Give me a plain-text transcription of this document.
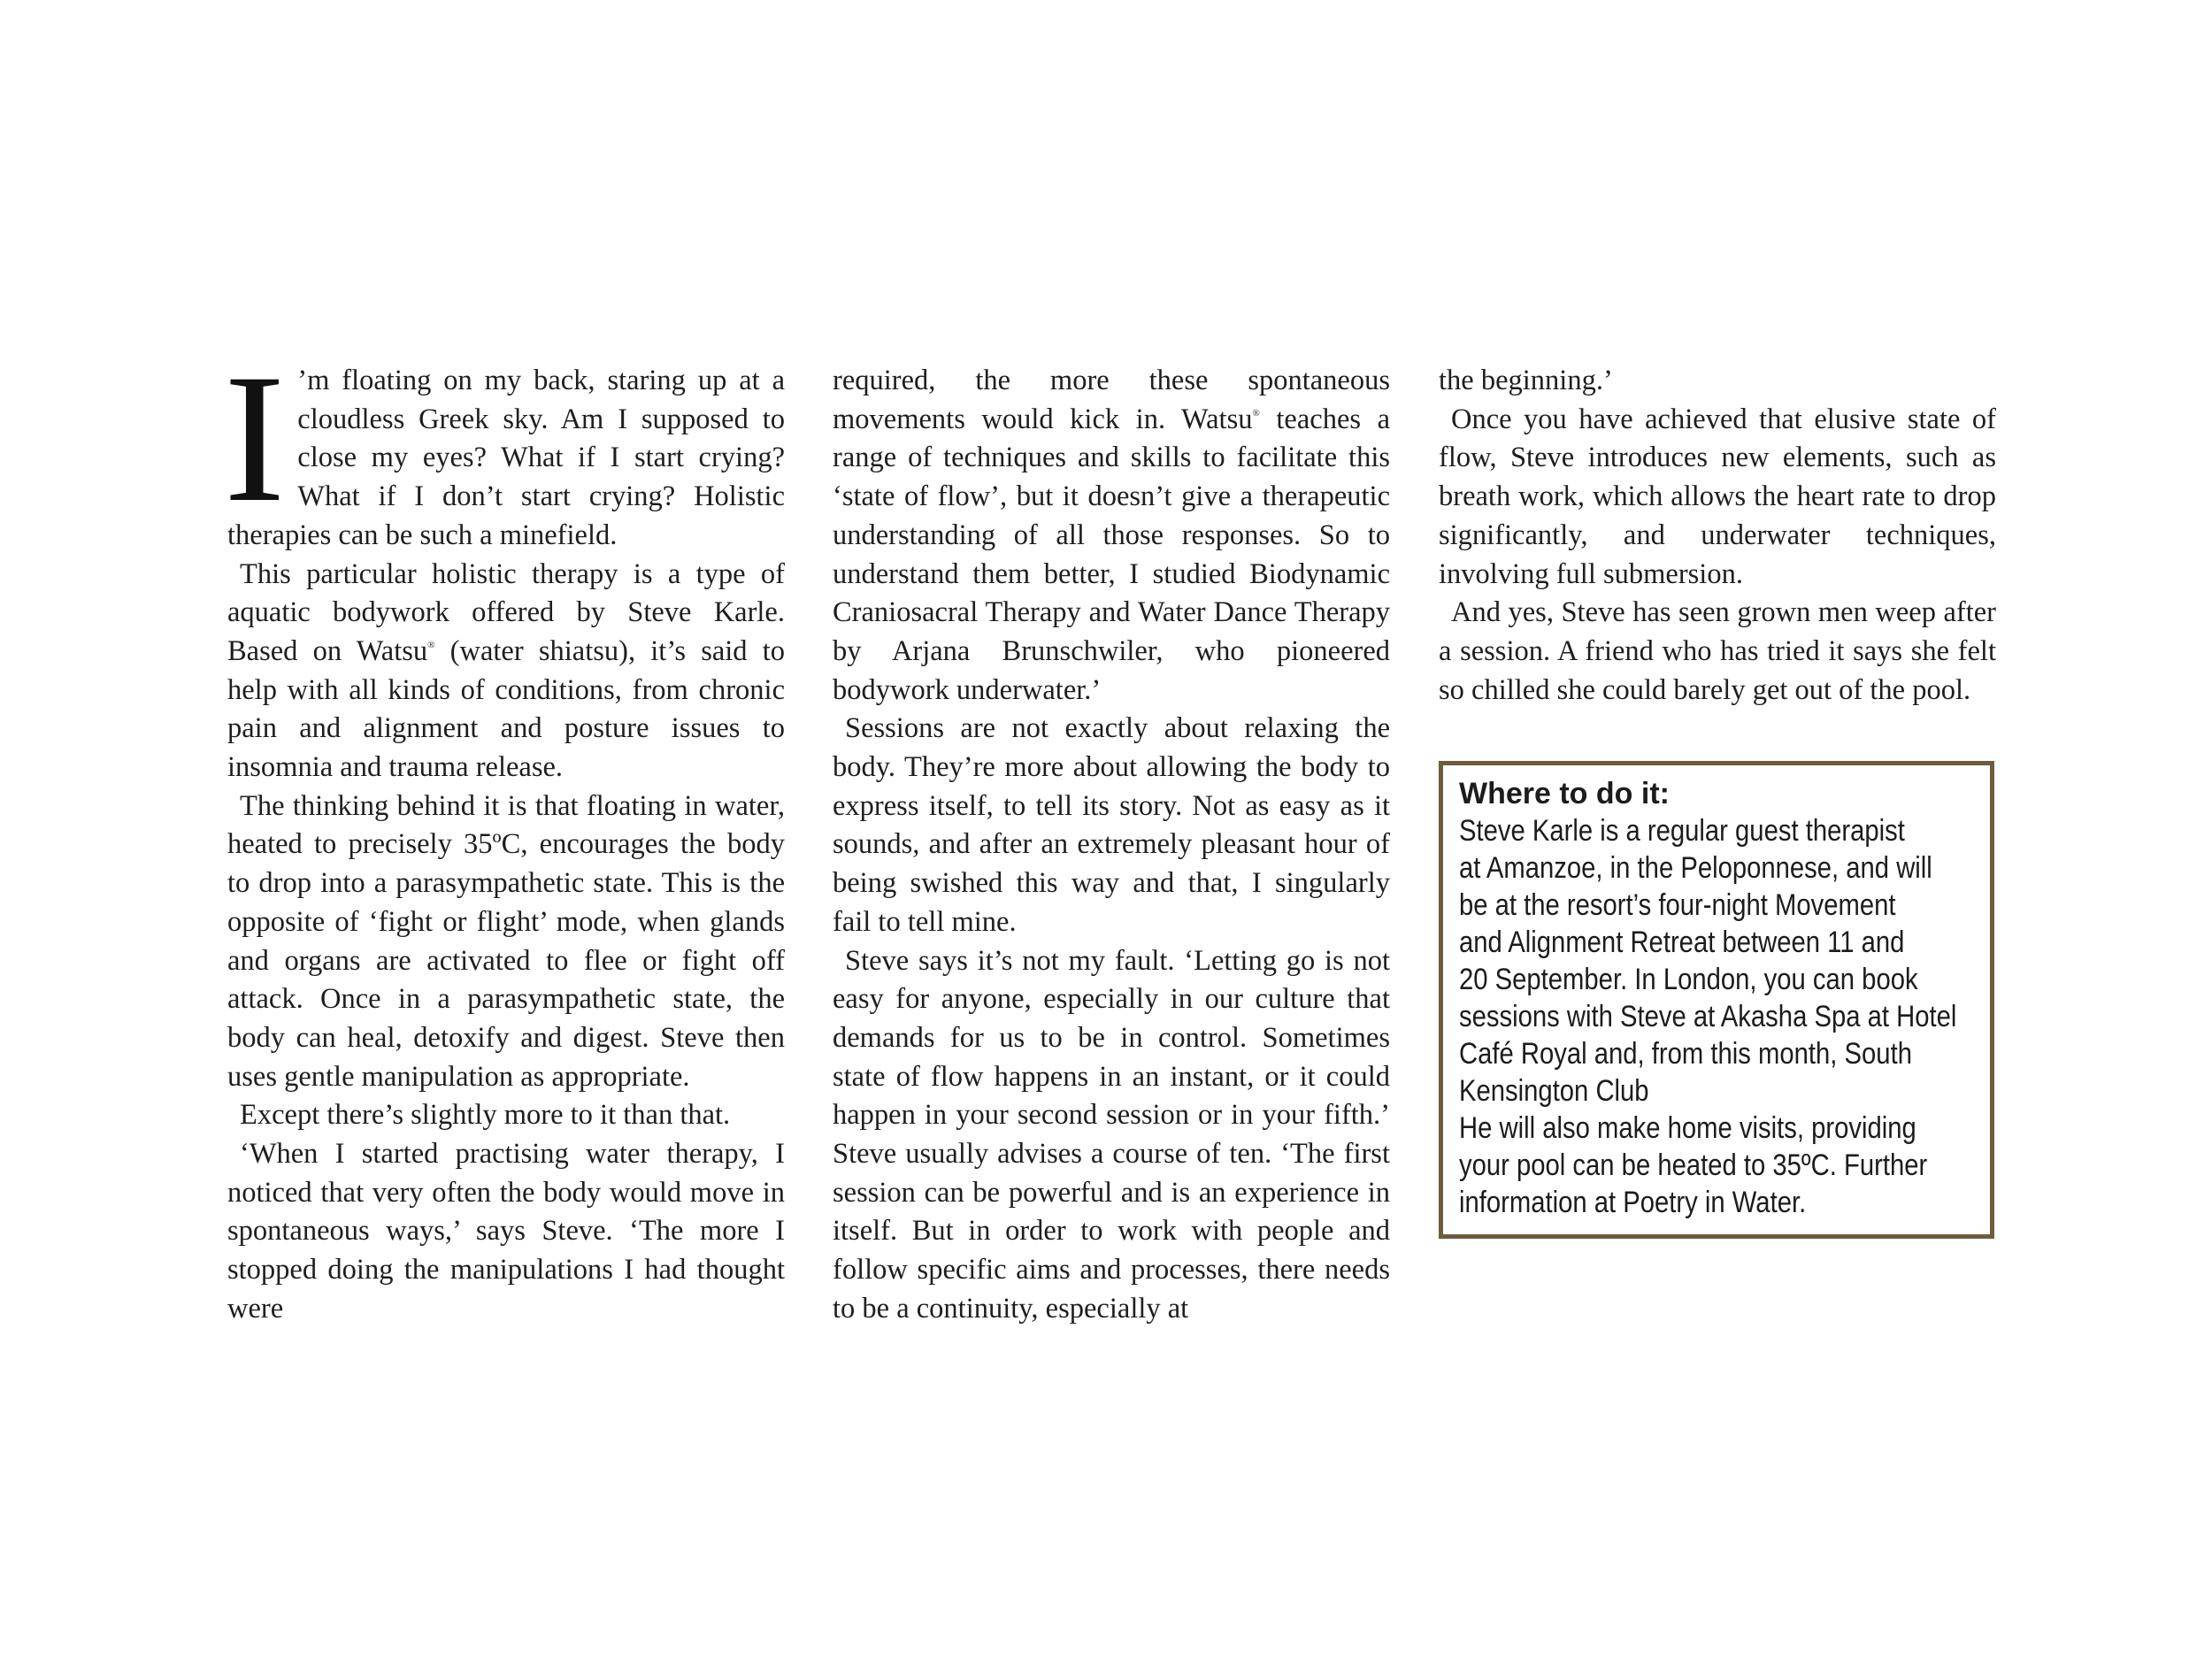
I ’m floating on my back, staring up at a cloudless Greek sky. Am I supposed to close my eyes? What if I start crying? What if I don’t start crying? Holistic therapies can be such a minefield.

This particular holistic therapy is a type of aquatic bodywork offered by Steve Karle. Based on Watsu® (water shiatsu), it’s said to help with all kinds of conditions, from chronic pain and alignment and posture issues to insomnia and trauma release.

The thinking behind it is that floating in water, heated to precisely 35ºC, encourages the body to drop into a parasympathetic state. This is the opposite of ‘fight or flight’ mode, when glands and organs are activated to flee or fight off attack. Once in a parasympathetic state, the body can heal, detoxify and digest. Steve then uses gentle manipulation as appropriate.

Except there’s slightly more to it than that.

‘When I started practising water therapy, I noticed that very often the body would move in spontaneous ways,’ says Steve. ‘The more I stopped doing the manipulations I had thought were

required, the more these spontaneous movements would kick in. Watsu® teaches a range of techniques and skills to facilitate this ‘state of flow’, but it doesn’t give a therapeutic understanding of all those responses. So to understand them better, I studied Biodynamic Craniosacral Therapy and Water Dance Therapy by Arjana Brunschwiler, who pioneered bodywork underwater.’

Sessions are not exactly about relaxing the body. They’re more about allowing the body to express itself, to tell its story. Not as easy as it sounds, and after an extremely pleasant hour of being swished this way and that, I singularly fail to tell mine.

Steve says it’s not my fault. ‘Letting go is not easy for anyone, especially in our culture that demands for us to be in control. Sometimes state of flow happens in an instant, or it could happen in your second session or in your fifth.’ Steve usually advises a course of ten. ‘The first session can be powerful and is an experience in itself. But in order to work with people and follow specific aims and processes, there needs to be a continuity, especially at

the beginning.’

Once you have achieved that elusive state of flow, Steve introduces new elements, such as breath work, which allows the heart rate to drop significantly, and underwater techniques, involving full submersion.

And yes, Steve has seen grown men weep after a session. A friend who has tried it says she felt so chilled she could barely get out of the pool.

Where to do it:
Steve Karle is a regular guest therapist
at Amanzoe, in the Peloponnese, and will
be at the resort’s four-night Movement
and Alignment Retreat between 11 and
20 September. In London, you can book
sessions with Steve at Akasha Spa at Hotel
Café Royal and, from this month, South
Kensington Club
He will also make home visits, providing
your pool can be heated to 35ºC. Further
information at Poetry in Water.
